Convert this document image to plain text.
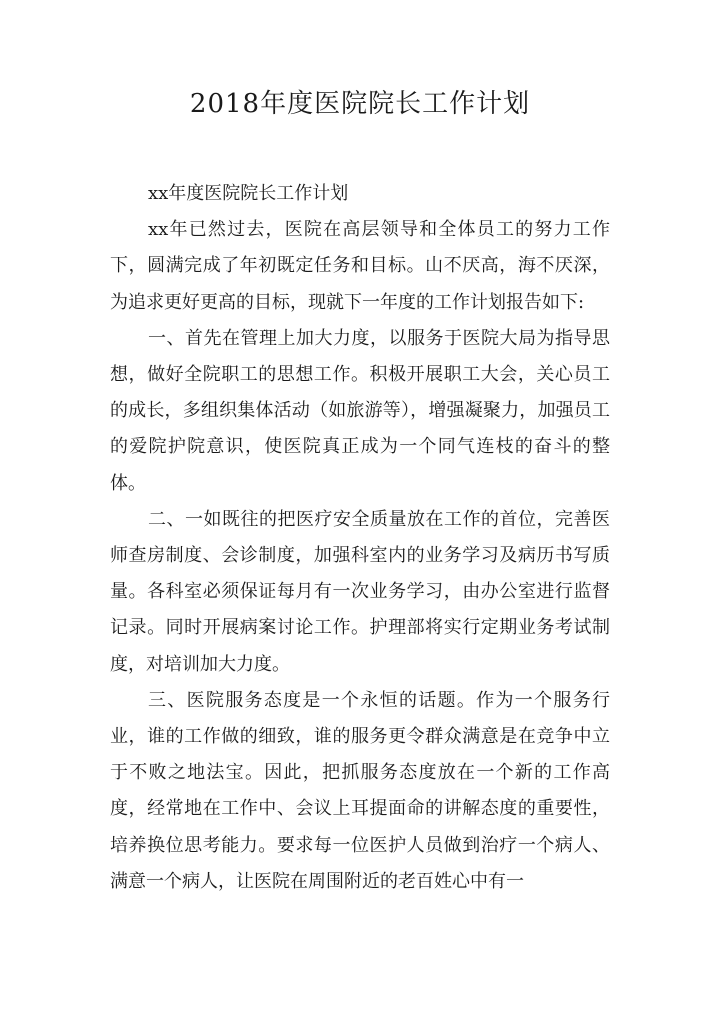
2018年度医院院长工作计划

xx年度医院院长工作计划

xx年已然过去，医院在高层领导和全体员工的努力工作下，圆满完成了年初既定任务和目标。山不厌高，海不厌深，为追求更好更高的目标，现就下一年度的工作计划报告如下:

一、首先在管理上加大力度，以服务于医院大局为指导思想，做好全院职工的思想工作。积极开展职工大会，关心员工的成长，多组织集体活动（如旅游等），增强凝聚力，加强员工的爱院护院意识，使医院真正成为一个同气连枝的奋斗的整体。

二、一如既往的把医疗安全质量放在工作的首位，完善医师查房制度、会诊制度，加强科室内的业务学习及病历书写质量。各科室必须保证每月有一次业务学习，由办公室进行监督记录。同时开展病案讨论工作。护理部将实行定期业务考试制度，对培训加大力度。

三、医院服务态度是一个永恒的话题。作为一个服务行业，谁的工作做的细致，谁的服务更令群众满意是在竞争中立于不败之地法宝。因此，把抓服务态度放在一个新的工作高度，经常地在工作中、会议上耳提面命的讲解态度的重要性，培养换位思考能力。要求每一位医护人员做到治疗一个病人、满意一个病人，让医院在周围附近的老百姓心中有一
